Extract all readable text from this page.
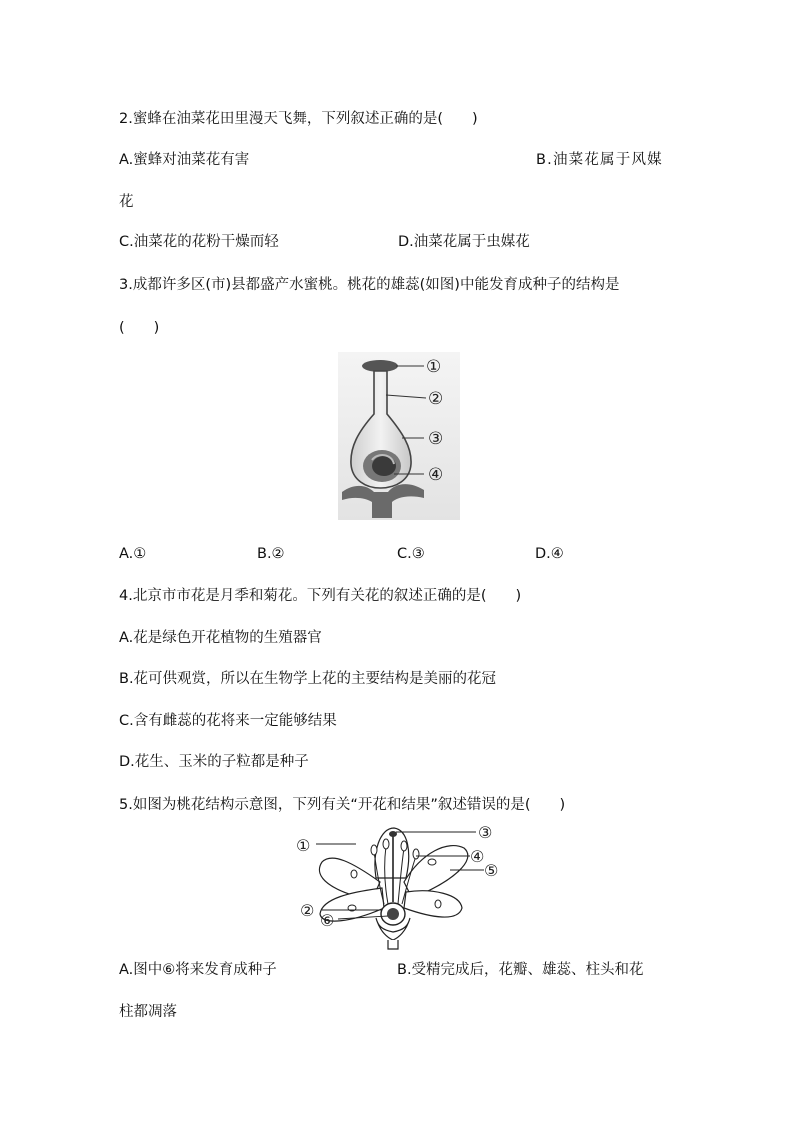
2.蜜蜂在油菜花田里漫天飞舞，下列叙述正确的是(　　)
A.蜜蜂对油菜花有害	B.油菜花属于风媒
花
C.油菜花的花粉干燥而轻	D.油菜花属于虫媒花
3.成都许多区(市)县都盛产水蜜桃。桃花的雄蕊(如图)中能发育成种子的结构是
(　　)
①
②
③
④
A.①	B.②	C.③	D.④
4.北京市市花是月季和菊花。下列有关花的叙述正确的是(　　)
A.花是绿色开花植物的生殖器官
B.花可供观赏，所以在生物学上花的主要结构是美丽的花冠
C.含有雌蕊的花将来一定能够结果
D.花生、玉米的子粒都是种子
5.如图为桃花结构示意图，下列有关“开花和结果”叙述错误的是(　　)
①
②
③
④
⑤
⑥
A.图中⑥将来发育成种子	B.受精完成后，花瓣、雄蕊、柱头和花
柱都凋落
